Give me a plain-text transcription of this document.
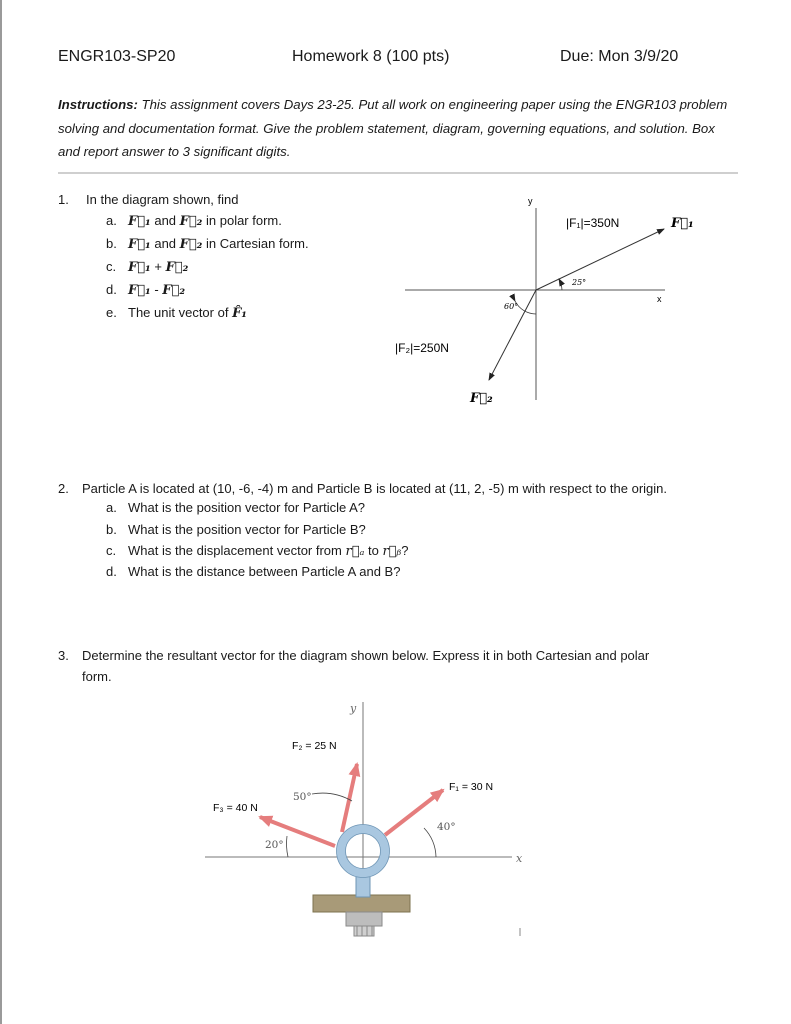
ENGR103-SP20	Homework 8 (100 pts)	Due: Mon 3/9/20
Instructions: This assignment covers Days 23-25. Put all work on engineering paper using the ENGR103 problem solving and documentation format. Give the problem statement, diagram, governing equations, and solution. Box and report answer to 3 significant digits.
1. In the diagram shown, find
a. F⃗₁ and F⃗₂ in polar form.
b. F⃗₁ and F⃗₂ in Cartesian form.
c. F⃗₁ + F⃗₂
d. F⃗₁ - F⃗₂
e. The unit vector of F̂₁
y
x
25°
|F₁|=350N	F⃗₁
60°
|F₂|=250N
F⃗₂
2. Particle A is located at (10, -6, -4) m and Particle B is located at (11, 2, -5) m with respect to the origin.
a. What is the position vector for Particle A?
b. What is the position vector for Particle B?
c. What is the displacement vector from r⃗ₐ to r⃗ᵦ?
d. What is the distance between Particle A and B?
3. Determine the resultant vector for the diagram shown below. Express it in both Cartesian and polar
form.
y
x
F₁ = 30 N
F₂ = 25 N
F₃ = 40 N
40°
50°
20°
